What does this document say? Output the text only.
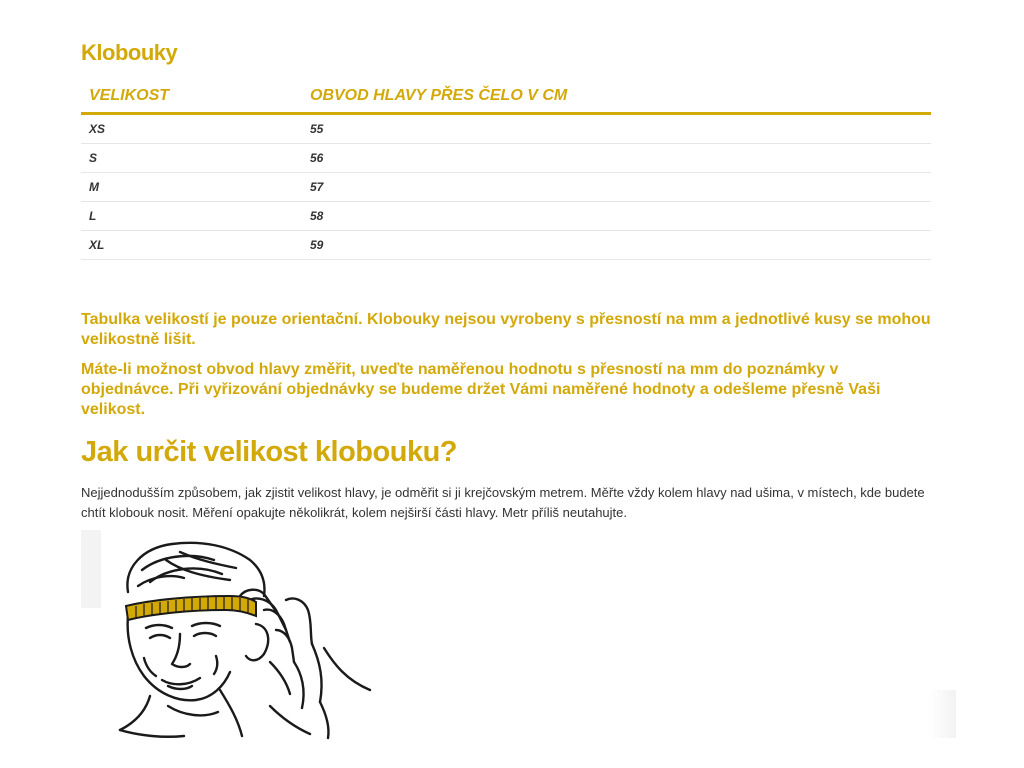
Klobouky
VELIKOST	OBVOD HLAVY PŘES ČELO V CM
XS	55
S	56
M	57
L	58
XL	59

Tabulka velikostí je pouze orientační. Klobouky nejsou vyrobeny s přesností na mm a jednotlivé kusy se mohou velikostně lišit.

Máte-li možnost obvod hlavy změřit, uveďte naměřenou hodnotu s přesností na mm do poznámky v objednávce. Při vyřizování objednávky se budeme držet Vámi naměřené hodnoty a odešleme přesně Vaši velikost.

Jak určit velikost klobouku?

Nejjednodušším způsobem, jak zjistit velikost hlavy, je odměřit si ji krejčovským metrem. Měřte vždy kolem hlavy nad ušima, v místech, kde budete chtít klobouk nosit. Měření opakujte několikrát, kolem nejširší části hlavy. Metr příliš neutahujte.
